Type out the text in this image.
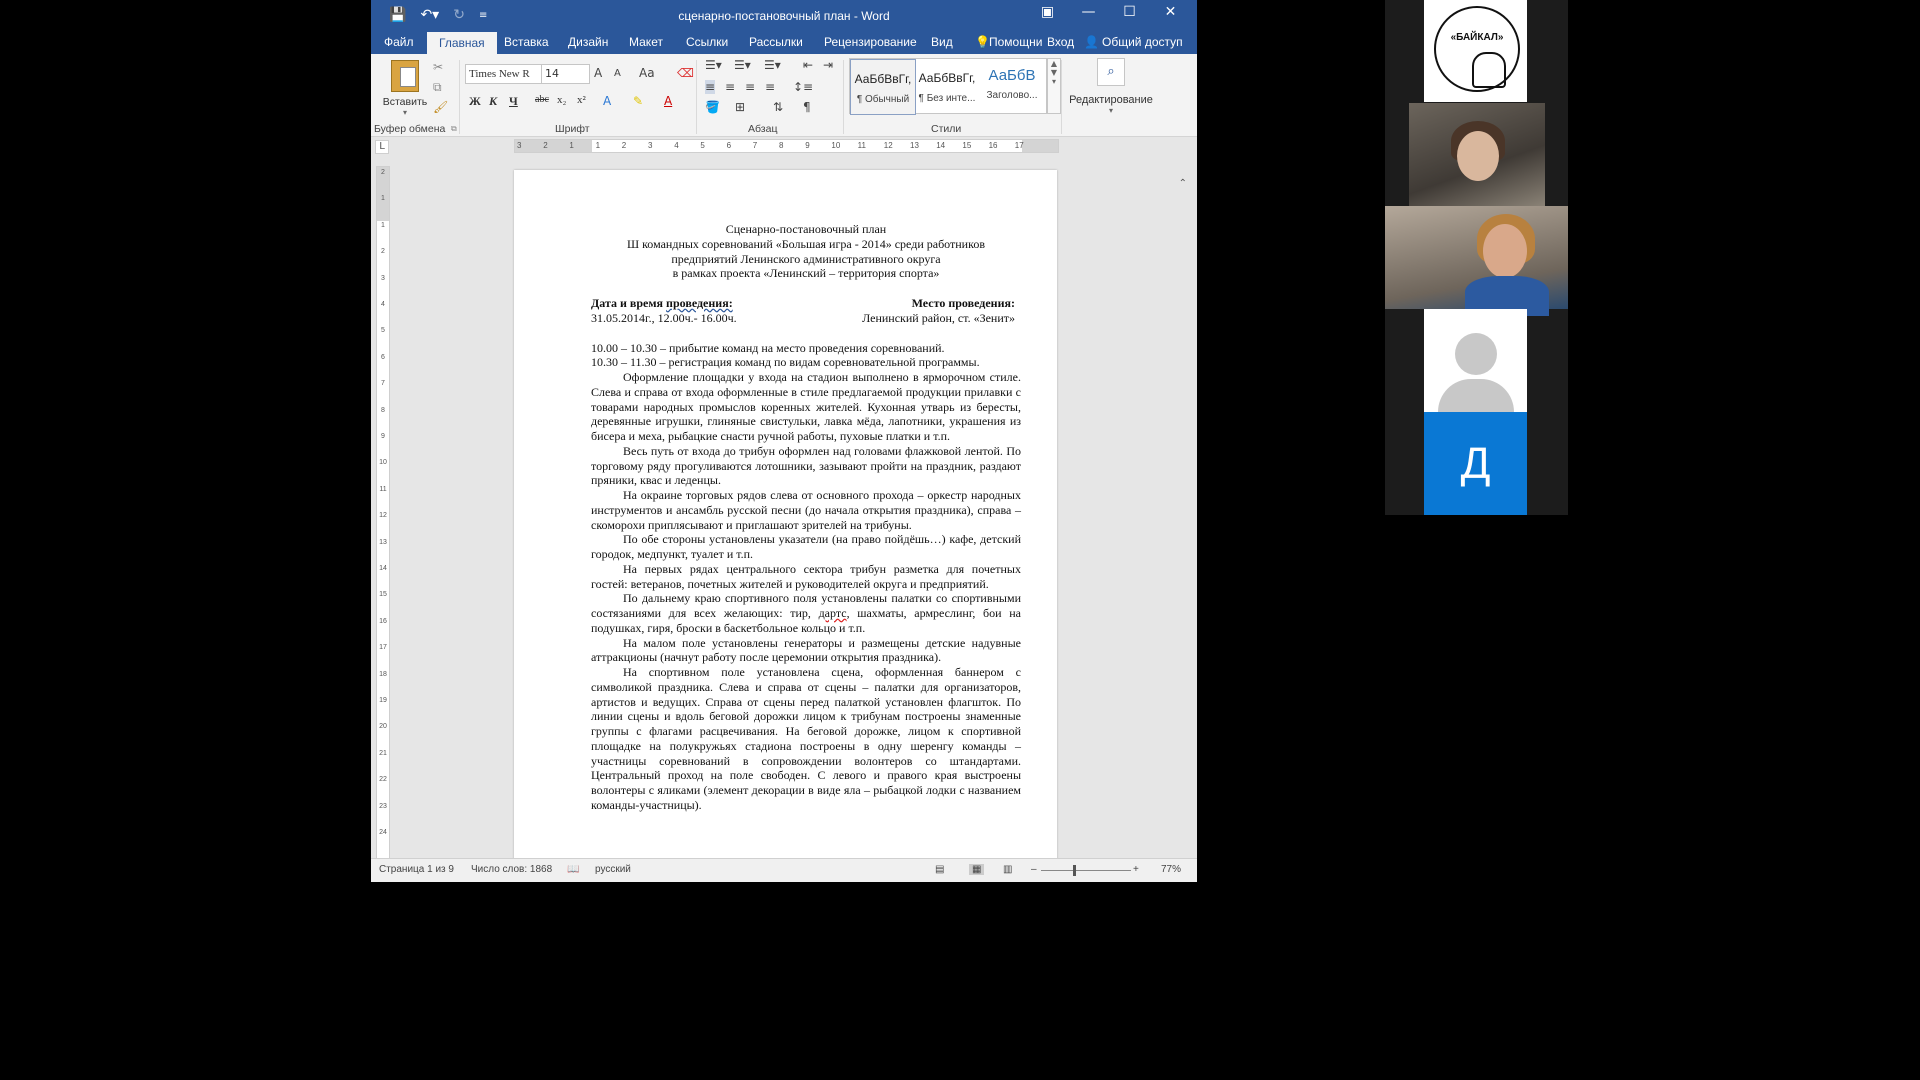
💾 ↶▾ ↻ ≡	сценарно-постановочный план - Word	▣	—	☐	✕
Файл	Главная	Вставка Дизайн Макет Ссылки Рассылки Рецензирование Вид 💡 Помощни Вход 👤 Общий доступ
Вставить
▾
✂
⧉
🖌
Буфер обмена ⧉
Times New R	14	A A Aa ⌫
Ж К Ч abc x₂ x² A ✎ A
Шрифт
☰▾ ☰▾ ☰▾ ⇤ ⇥
≡ ≡ ≡ ≡ ↕≡
🪣 ⊞ ⇅ ¶
Абзац
АаБбВвГг,
¶ Обычный
АаБбВвГг,
¶ Без инте...
АаБбВ
Заголово...
▲
▼
▾
Стили
⌕
Редактирование
▾
⌃
L	3	2	1	1	2	3	4	5	6	7	8	9	10 11 12 13 14 15 16 17
2
1
1
2
3
4
5
6
7
8
9
10
11
12
13
14
15
16
17
18
19
20
21
22
23
24
Сценарно-постановочный план
Ш командных соревнований «Большая игра - 2014» среди работников
предприятий Ленинского административного округа
в рамках проекта «Ленинский – территория спорта»
Дата и время проведения:	Место проведения:
31.05.2014г., 12.00ч.- 16.00ч.	Ленинский район, ст. «Зенит»
10.00 – 10.30 – прибытие команд на место проведения соревнований.
10.30 – 11.30 – регистрация команд по видам соревновательной программы.
Оформление площадки у входа на стадион выполнено в ярморочном стиле. Слева и справа от входа оформленные в стиле предлагаемой продукции прилавки с товарами народных промыслов коренных жителей. Кухонная утварь из бересты, деревянные игрушки, глиняные свистульки, лавка мёда, лапотники, украшения из бисера и меха, рыбацкие снасти ручной работы, пуховые платки и т.п.
Весь путь от входа до трибун оформлен над головами флажковой лентой. По торговому ряду прогуливаются лотошники, зазывают пройти на праздник, раздают пряники, квас и леденцы.
На окраине торговых рядов слева от основного прохода – оркестр народных инструментов и ансамбль русской песни (до начала открытия праздника), справа – скоморохи приплясывают и приглашают зрителей на трибуны.
По обе стороны установлены указатели (на право пойдёшь…) кафе, детский городок, медпункт, туалет и т.п.
На первых рядах центрального сектора трибун разметка для почетных гостей: ветеранов, почетных жителей и руководителей округа и предприятий.
По дальнему краю спортивного поля установлены палатки со спортивными состязаниями для всех желающих: тир, дартс, шахматы, армреслинг, бои на подушках, гиря, броски в баскетбольное кольцо и т.п.
На малом поле установлены генераторы и размещены детские надувные аттракционы (начнут работу после церемонии открытия праздника).
На спортивном поле установлена сцена, оформленная баннером с символикой праздника. Слева и справа от сцены – палатки для организаторов, артистов и ведущих. Справа от сцены перед палаткой установлен флагшток. По линии сцены и вдоль беговой дорожки лицом к трибунам построены знаменные группы с флагами расцвечивания. На беговой дорожке, лицом к спортивной площадке на полукружьях стадиона построены в одну шеренгу команды – участницы соревнований в сопровождении волонтеров со штандартами. Центральный проход на поле свободен. С левого и правого края выстроены волонтеры с яликами (элемент декорации в виде яла – рыбацкой лодки с названием команды-участницы).
Страница 1 из 9 Число слов: 1868 📖 русский	▤	▦	▥ –	+ 77%
«БАЙКАЛ»
Д
